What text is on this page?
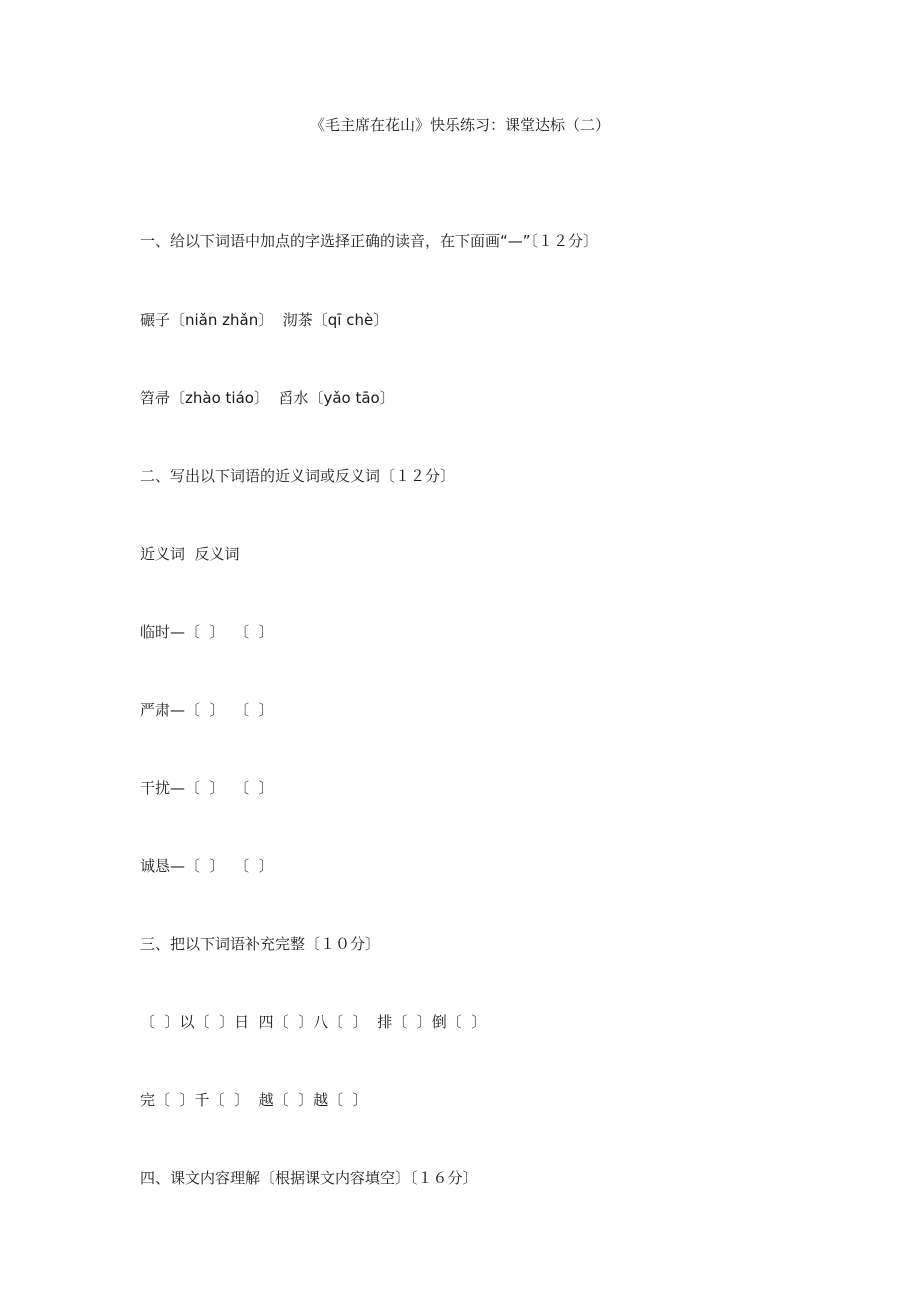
《毛主席在花山》快乐练习：课堂达标（二）
一、给以下词语中加点的字选择正确的读音，在下面画“—”〔１２分〕
碾子〔niǎn zhǎn〕  沏茶〔qī chè〕
笤帚〔zhào tiáo〕  舀水〔yǎo tāo〕
二、写出以下词语的近义词或反义词〔１２分〕
近义词  反义词
临时—〔  〕  〔  〕
严肃—〔  〕  〔  〕
干扰—〔  〕  〔  〕
诚恳—〔  〕  〔  〕
三、把以下词语补充完整〔１０分〕
〔  〕以〔  〕日  四〔  〕八〔  〕  排〔  〕倒〔  〕
完〔  〕千〔  〕  越〔  〕越〔  〕
四、课文内容理解〔根据课文内容填空〕〔１６分〕
